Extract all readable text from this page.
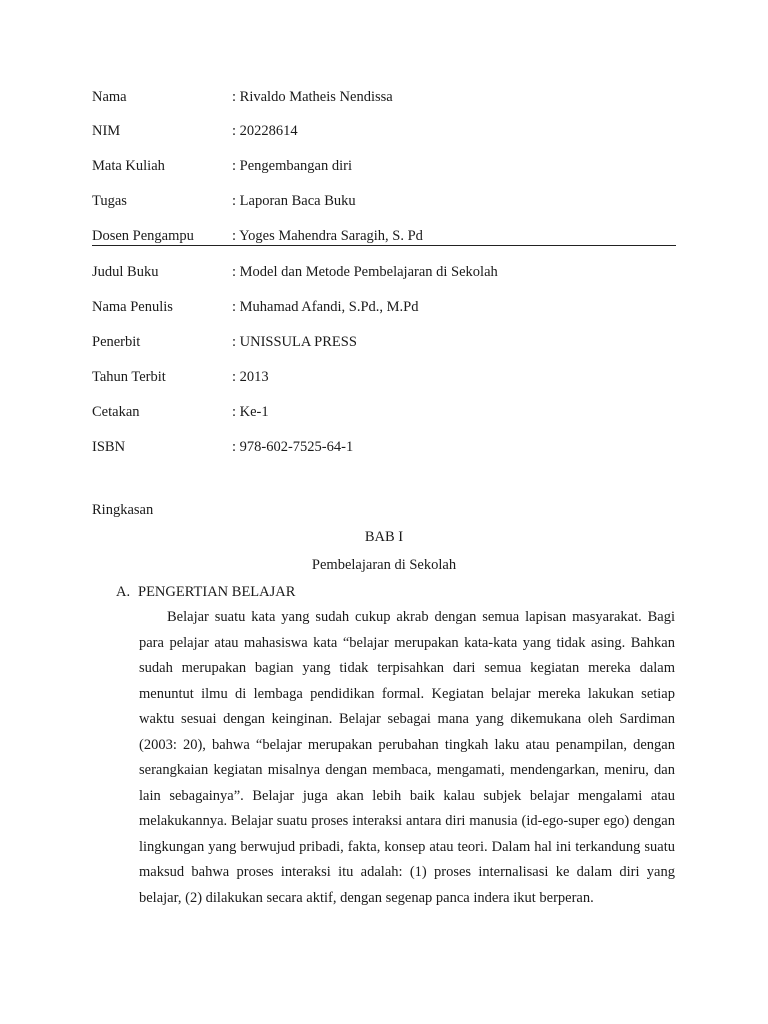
Nama	: Rivaldo Matheis Nendissa
NIM	: 20228614
Mata Kuliah	: Pengembangan diri
Tugas	: Laporan Baca Buku
Dosen Pengampu	: Yoges Mahendra Saragih, S. Pd
Judul Buku	: Model dan Metode Pembelajaran di Sekolah
Nama Penulis	: Muhamad Afandi, S.Pd., M.Pd
Penerbit	: UNISSULA PRESS
Tahun Terbit	: 2013
Cetakan	: Ke-1
ISBN	: 978-602-7525-64-1
Ringkasan
BAB I
Pembelajaran di Sekolah
A. PENGERTIAN BELAJAR

Belajar suatu kata yang sudah cukup akrab dengan semua lapisan masyarakat. Bagi para pelajar atau mahasiswa kata “belajar merupakan kata-kata yang tidak asing. Bahkan sudah merupakan bagian yang tidak terpisahkan dari semua kegiatan mereka dalam menuntut ilmu di lembaga pendidikan formal. Kegiatan belajar mereka lakukan setiap waktu sesuai dengan keinginan. Belajar sebagai mana yang dikemukana oleh Sardiman (2003: 20), bahwa “belajar merupakan perubahan tingkah laku atau penampilan, dengan serangkaian kegiatan misalnya dengan membaca, mengamati, mendengarkan, meniru, dan lain sebagainya”. Belajar juga akan lebih baik kalau subjek belajar mengalami atau melakukannya. Belajar suatu proses interaksi antara diri manusia (id-ego-super ego) dengan lingkungan yang berwujud pribadi, fakta, konsep atau teori. Dalam hal ini terkandung suatu maksud bahwa proses interaksi itu adalah: (1) proses internalisasi ke dalam diri yang belajar, (2) dilakukan secara aktif, dengan segenap panca indera ikut berperan.
